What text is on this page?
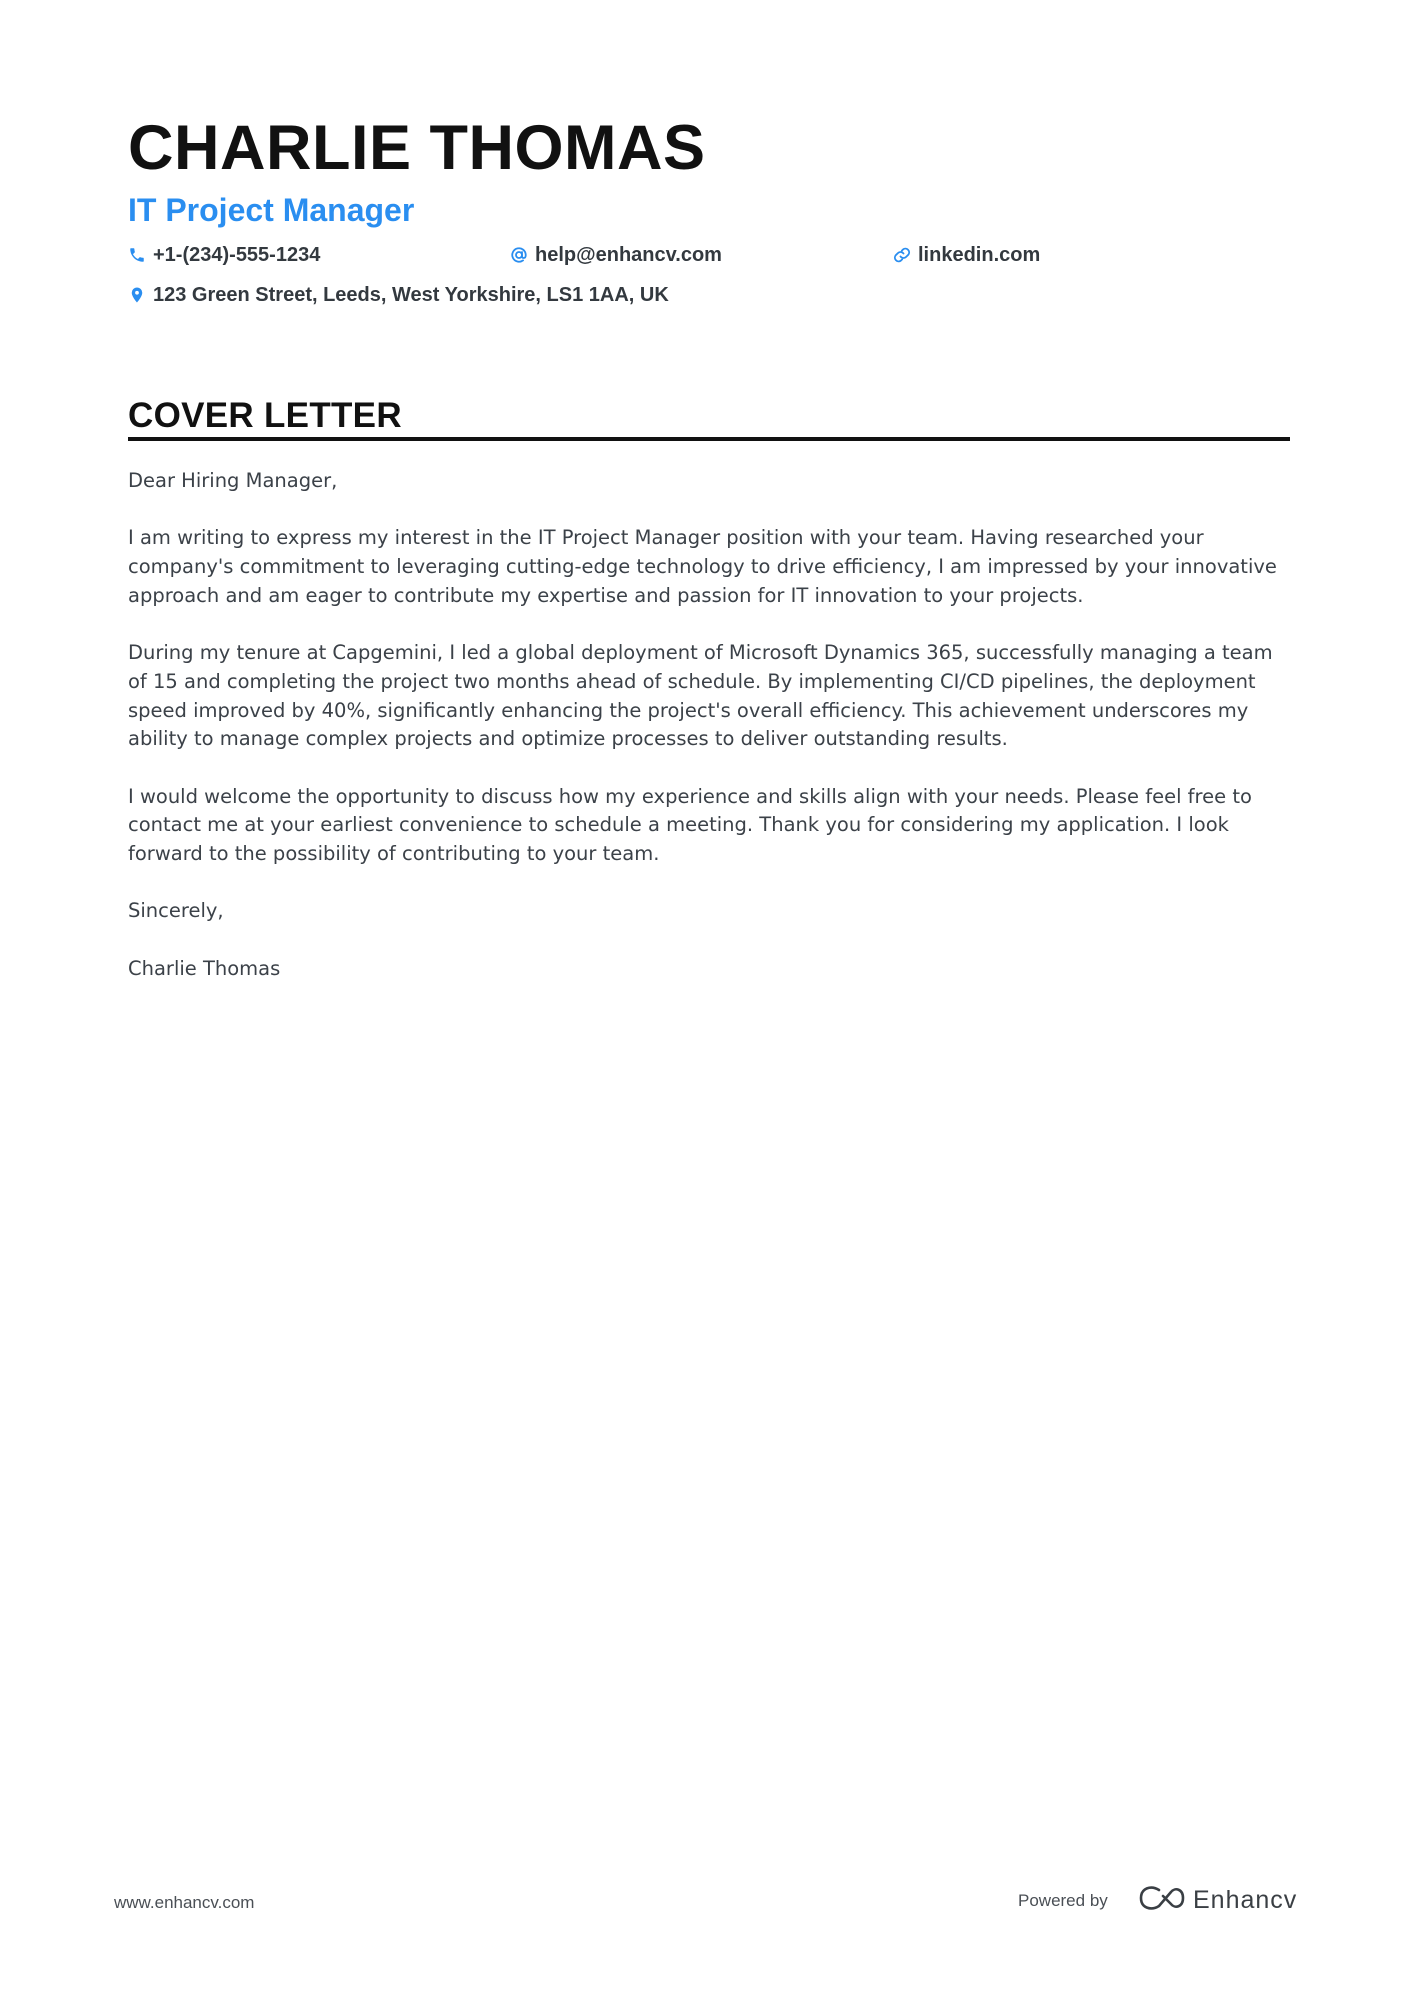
CHARLIE THOMAS
IT Project Manager
+1-(234)-555-1234	help@enhancv.com	linkedin.com
123 Green Street, Leeds, West Yorkshire, LS1 1AA, UK
COVER LETTER

Dear Hiring Manager,

I am writing to express my interest in the IT Project Manager position with your team. Having researched your company's commitment to leveraging cutting-edge technology to drive efficiency, I am impressed by your innovative approach and am eager to contribute my expertise and passion for IT innovation to your projects.

During my tenure at Capgemini, I led a global deployment of Microsoft Dynamics 365, successfully managing a team of 15 and completing the project two months ahead of schedule. By implementing CI/CD pipelines, the deployment speed improved by 40%, significantly enhancing the project's overall efficiency. This achievement underscores my ability to manage complex projects and optimize processes to deliver outstanding results.

I would welcome the opportunity to discuss how my experience and skills align with your needs. Please feel free to contact me at your earliest convenience to schedule a meeting. Thank you for considering my application. I look forward to the possibility of contributing to your team.

Sincerely,

Charlie Thomas

www.enhancv.com	Powered by	Enhancv
